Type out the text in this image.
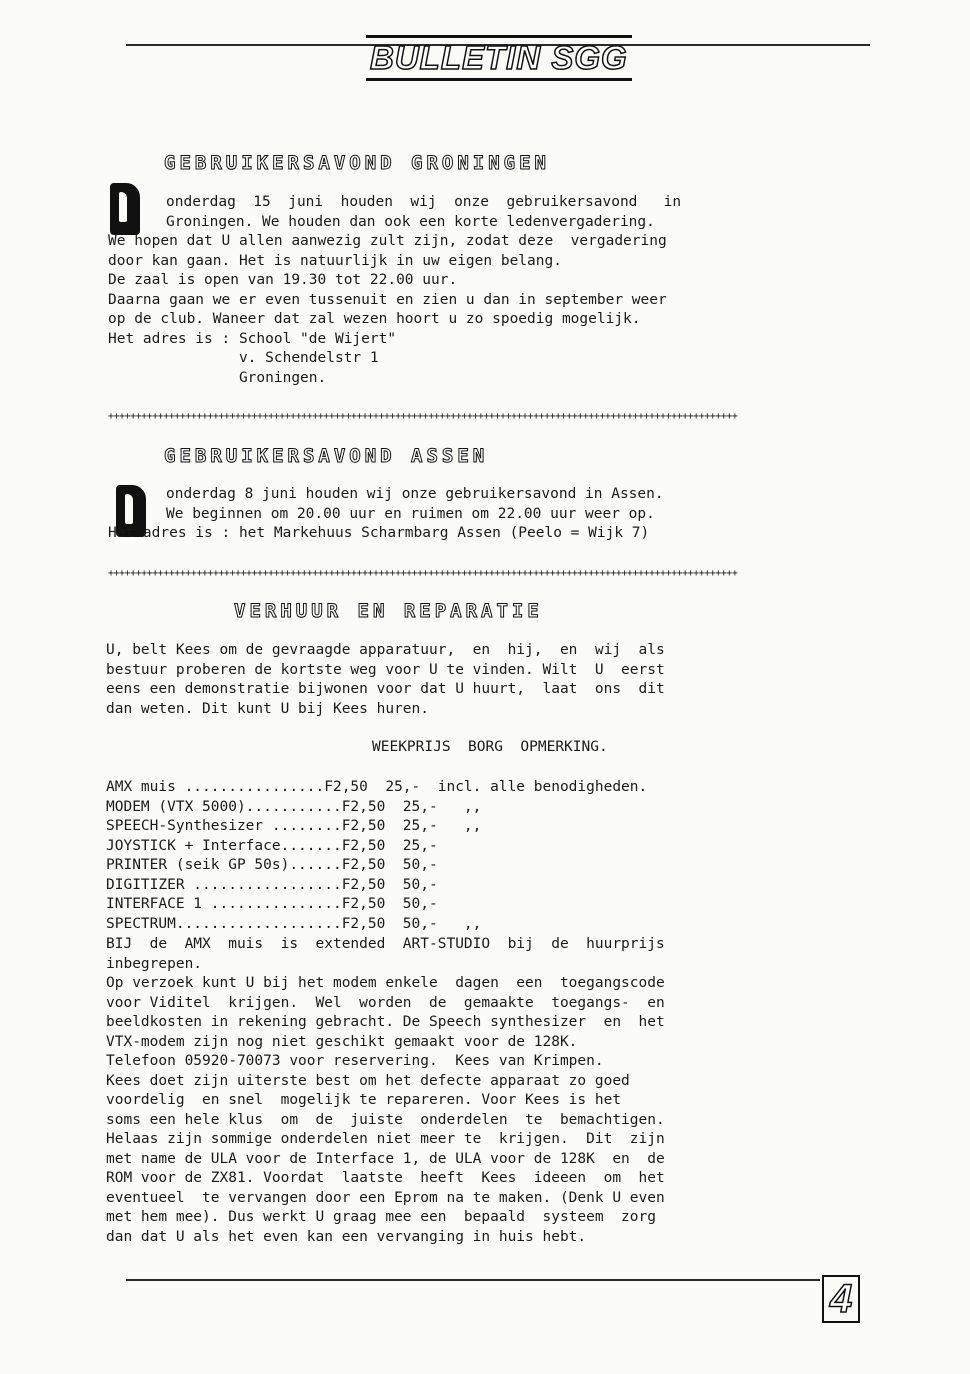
BULLETIN SGG
GEBRUIKERSAVOND GRONINGEN
onderdag  15  juni  houden  wij  onze  gebruikersavond   in
Groningen. We houden dan ook een korte ledenvergadering.
We hopen dat U allen aanwezig zult zijn, zodat deze  vergadering
door kan gaan. Het is natuurlijk in uw eigen belang.
De zaal is open van 19.30 tot 22.00 uur.
Daarna gaan we er even tussenuit en zien u dan in september weer
op de club. Waneer dat zal wezen hoort u zo spoedig mogelijk.
Het adres is : School "de Wijert"
v. Schendelstr 1
Groningen.
++++++++++++++++++++++++++++++++++++++++++++++++++++++++++++++++++++++++++++++++++++++++++++++++++++++++++++++++++
GEBRUIKERSAVOND ASSEN
onderdag 8 juni houden wij onze gebruikersavond in Assen.
We beginnen om 20.00 uur en ruimen om 22.00 uur weer op.
Het adres is : het Markehuus Scharmbarg Assen (Peelo = Wijk 7)
++++++++++++++++++++++++++++++++++++++++++++++++++++++++++++++++++++++++++++++++++++++++++++++++++++++++++++++++++
VERHUUR EN REPARATIE
U, belt Kees om de gevraagde apparatuur,  en  hij,  en  wij  als
bestuur proberen de kortste weg voor U te vinden. Wilt  U  eerst
eens een demonstratie bijwonen voor dat U huurt,  laat  ons  dit
dan weten. Dit kunt U bij Kees huren.
WEEKPRIJS  BORG  OPMERKING.
AMX muis ................F2,50  25,-  incl. alle benodigheden.
MODEM (VTX 5000)...........F2,50  25,-   ,,
SPEECH-Synthesizer ........F2,50  25,-   ,,
JOYSTICK + Interface.......F2,50  25,-
PRINTER (seik GP 50s)......F2,50  50,-
DIGITIZER .................F2,50  50,-
INTERFACE 1 ...............F2,50  50,-
SPECTRUM...................F2,50  50,-   ,,
BIJ  de  AMX  muis  is  extended  ART-STUDIO  bij  de  huurprijs
inbegrepen.
Op verzoek kunt U bij het modem enkele  dagen  een  toegangscode
voor Viditel  krijgen.  Wel  worden  de  gemaakte  toegangs-  en
beeldkosten in rekening gebracht. De Speech synthesizer  en  het
VTX-modem zijn nog niet geschikt gemaakt voor de 128K.
Telefoon 05920-70073 voor reservering.  Kees van Krimpen.
Kees doet zijn uiterste best om het defecte apparaat zo goed
voordelig  en snel  mogelijk te repareren. Voor Kees is het
soms een hele klus  om  de  juiste  onderdelen  te  bemachtigen.
Helaas zijn sommige onderdelen niet meer te  krijgen.  Dit  zijn
met name de ULA voor de Interface 1, de ULA voor de 128K  en  de
ROM voor de ZX81. Voordat  laatste  heeft  Kees  ideeen  om  het
eventueel  te vervangen door een Eprom na te maken. (Denk U even
met hem mee). Dus werkt U graag mee een  bepaald  systeem  zorg
dan dat U als het even kan een vervanging in huis hebt.
4
